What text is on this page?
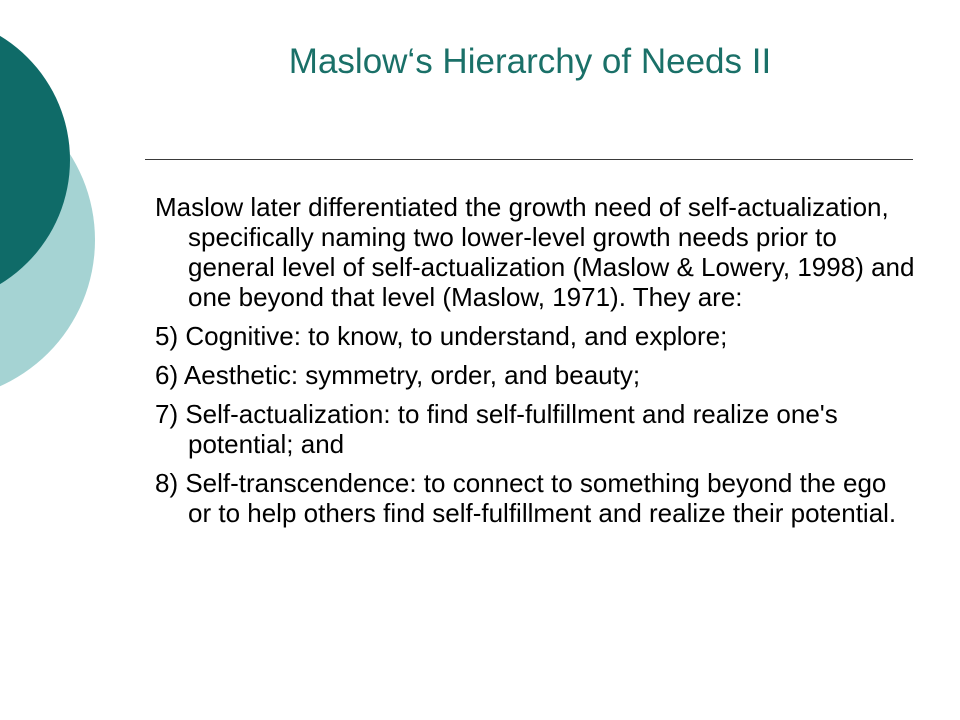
Maslow‘s Hierarchy of Needs II
Maslow later differentiated the growth need of self-actualization, specifically naming two lower-level growth needs prior to general level of self-actualization (Maslow & Lowery, 1998) and one beyond that level (Maslow, 1971). They are:
5) Cognitive: to know, to understand, and explore;
6) Aesthetic: symmetry, order, and beauty;
7) Self-actualization: to find self-fulfillment and realize one's potential; and
8) Self-transcendence: to connect to something beyond the ego or to help others find self-fulfillment and realize their potential.
